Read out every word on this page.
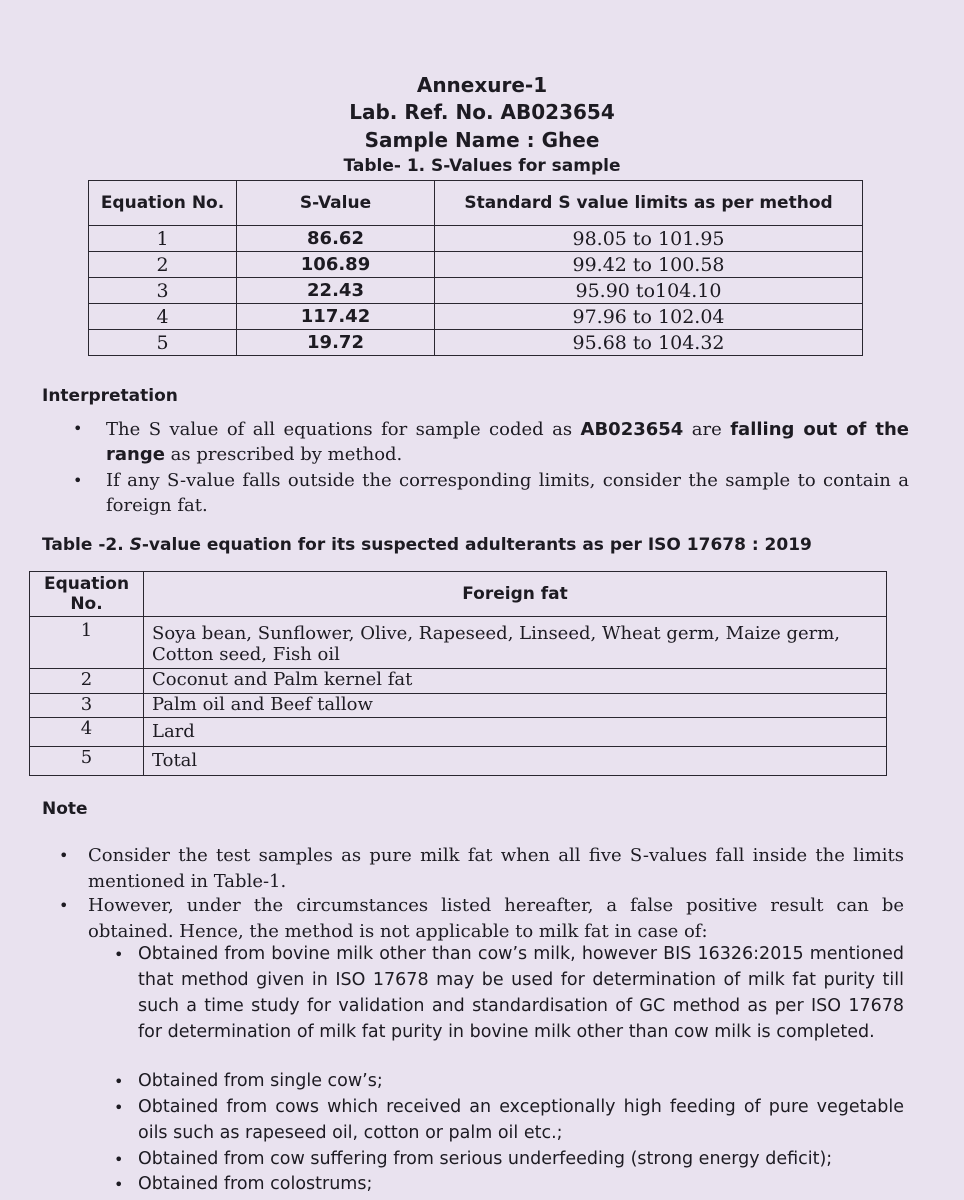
Annexure-1
Lab. Ref. No. AB023654
Sample Name : Ghee
Table- 1. S-Values for sample
Equation No.	S-Value	Standard S value limits as per method
1	86.62	98.05 to 101.95
2	106.89	99.42 to 100.58
3	22.43	95.90 to104.10
4	117.42	97.96 to 102.04
5	19.72	95.68 to 104.32
Interpretation
• The S value of all equations for sample coded as AB023654 are falling out of the range as prescribed by method.
• If any S-value falls outside the corresponding limits, consider the sample to contain a foreign fat.
Table -2. S-value equation for its suspected adulterants as per ISO 17678 : 2019
Equation No.	Foreign fat
1	Soya bean, Sunflower, Olive, Rapeseed, Linseed, Wheat germ, Maize germ, Cotton seed, Fish oil
2	Coconut and Palm kernel fat
3	Palm oil and Beef tallow
4	Lard
5	Total
Note
• Consider the test samples as pure milk fat when all five S-values fall inside the limits mentioned in Table-1.
• However, under the circumstances listed hereafter, a false positive result can be obtained. Hence, the method is not applicable to milk fat in case of:
• Obtained from bovine milk other than cow’s milk, however BIS 16326:2015 mentioned that method given in ISO 17678 may be used for determination of milk fat purity till such a time study for validation and standardisation of GC method as per ISO 17678 for determination of milk fat purity in bovine milk other than cow milk is completed.
• Obtained from single cow’s;
• Obtained from cows which received an exceptionally high feeding of pure vegetable oils such as rapeseed oil, cotton or palm oil etc.;
• Obtained from cow suffering from serious underfeeding (strong energy deficit);
• Obtained from colostrums;
